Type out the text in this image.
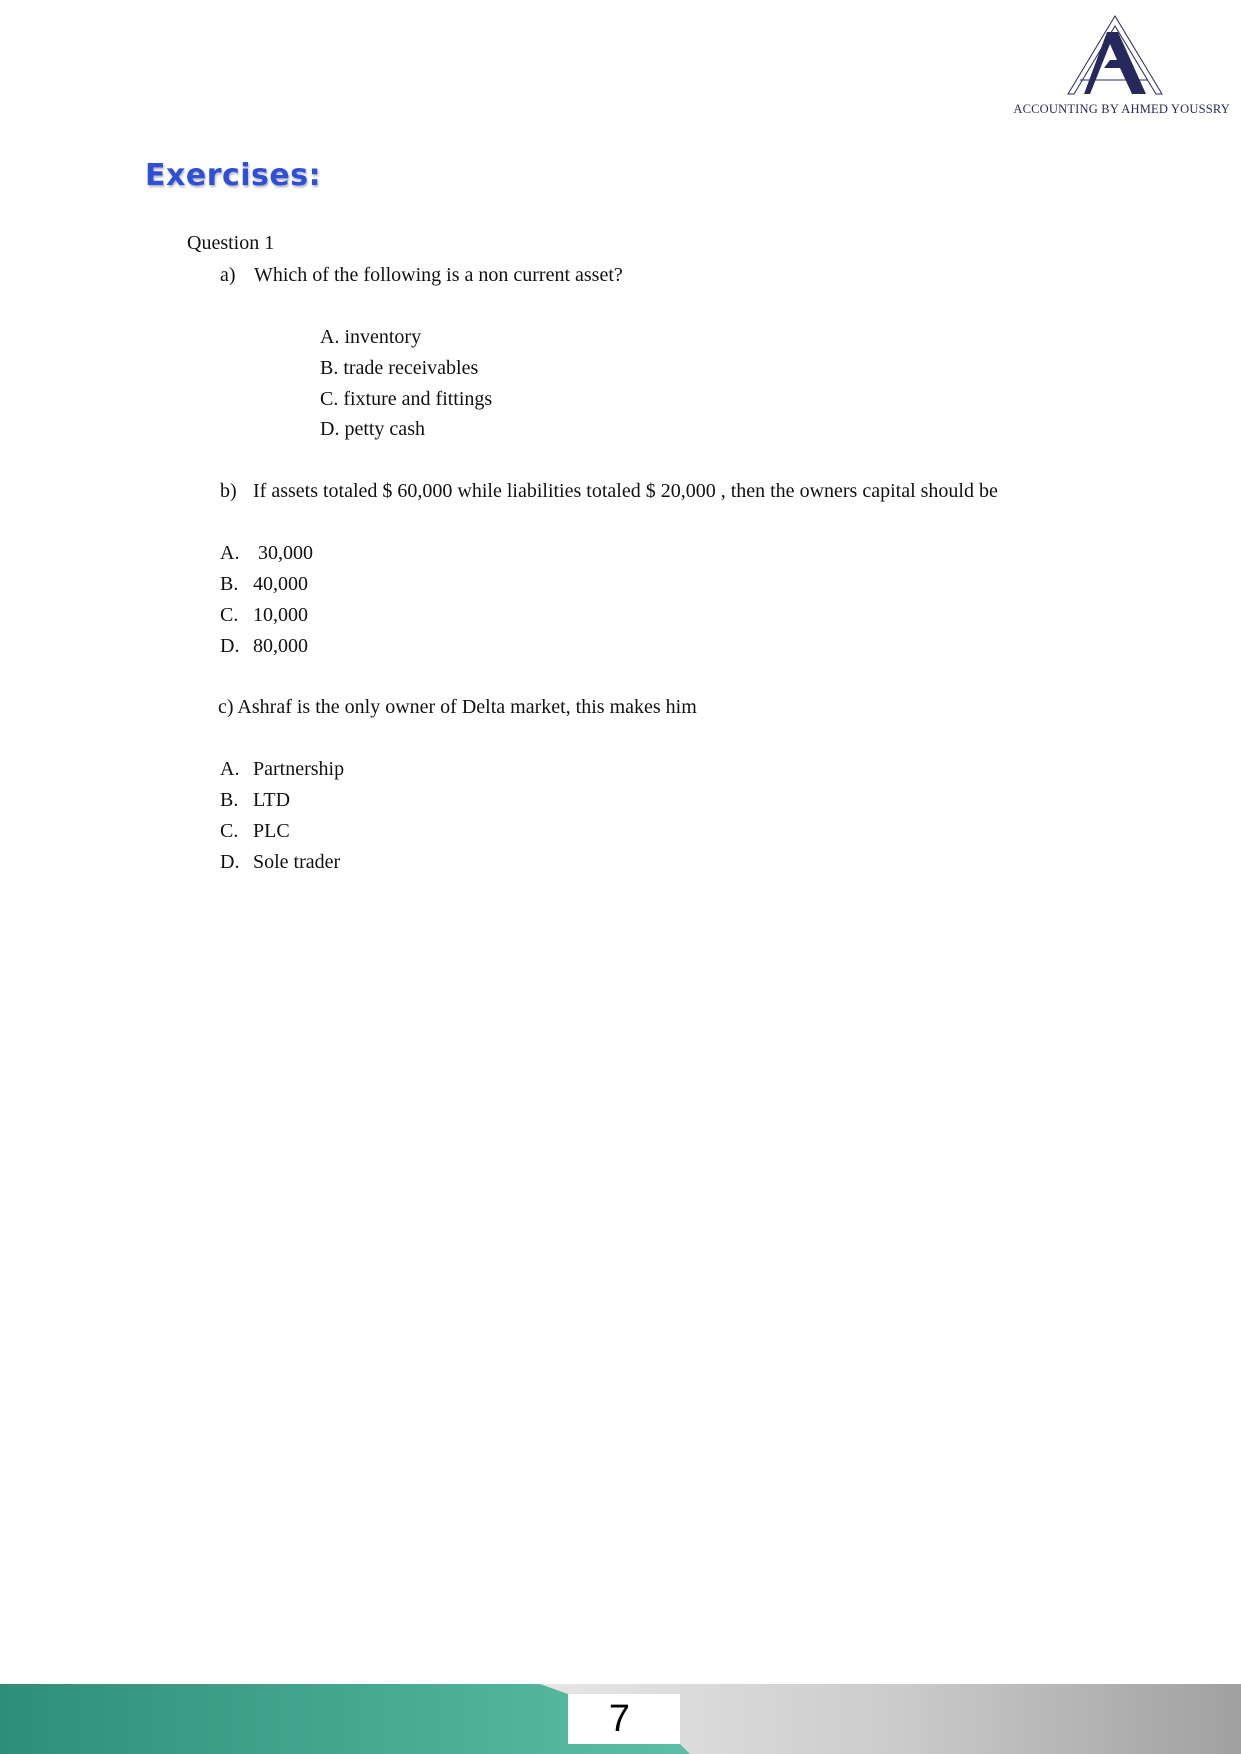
ACCOUNTING BY AHMED YOUSSRY
Exercises:
Question 1
a) Which of the following is a non current asset?
A. inventory
B. trade receivables
C. fixture and fittings
D. petty cash
b) If assets totaled $ 60,000 while liabilities totaled $ 20,000 , then the owners capital should be
A. 30,000
B. 40,000
C. 10,000
D. 80,000
c) Ashraf is the only owner of Delta market, this makes him
A. Partnership
B. LTD
C. PLC
D. Sole trader
7
